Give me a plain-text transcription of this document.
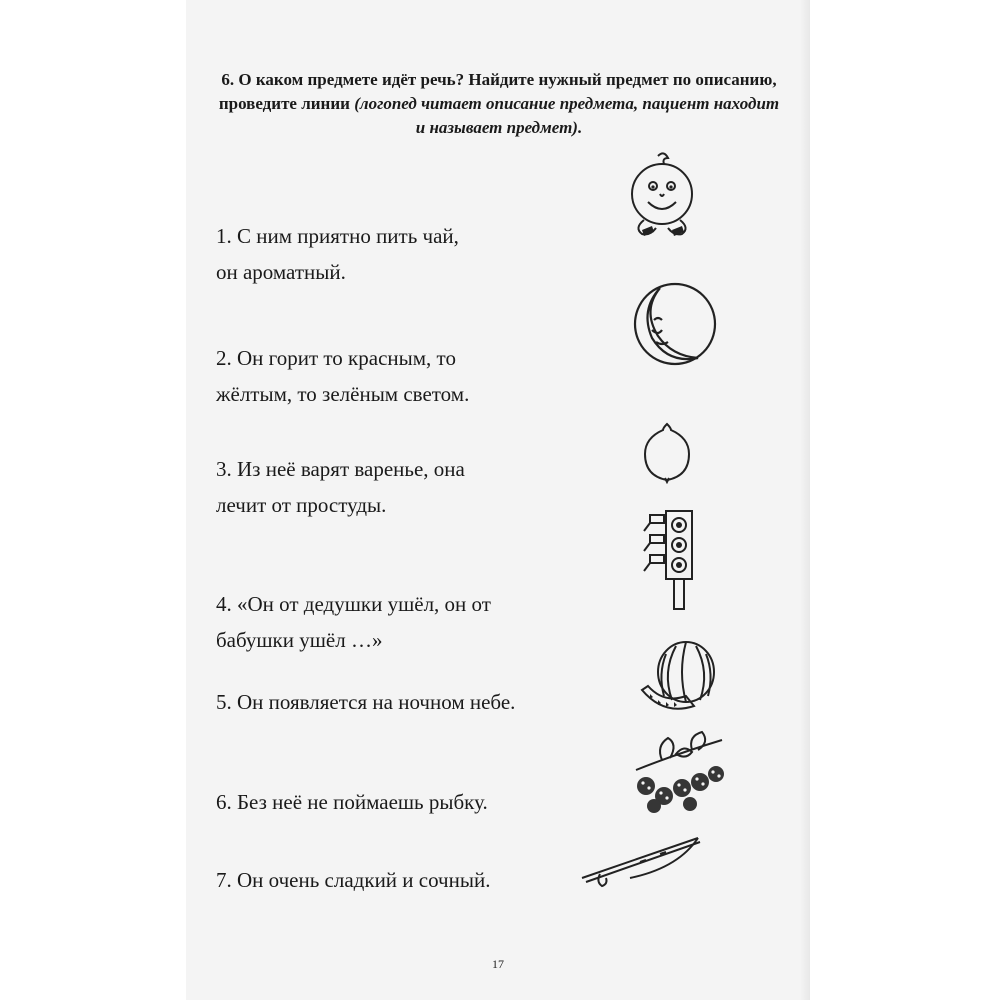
6. О каком предмете идёт речь? Найдите нужный предмет по описанию, проведите линии (логопед читает описание предмета, пациент находит и называет предмет).
1. С ним приятно пить чай,
он ароматный.
2. Он горит то красным, то
жёлтым, то зелёным светом.
3. Из неё варят варенье, она
лечит от простуды.
4. «Он от дедушки ушёл, он от
бабушки ушёл …»
5. Он появляется на ночном небе.
6. Без неё не поймаешь рыбку.
7. Он очень сладкий и сочный.
17
